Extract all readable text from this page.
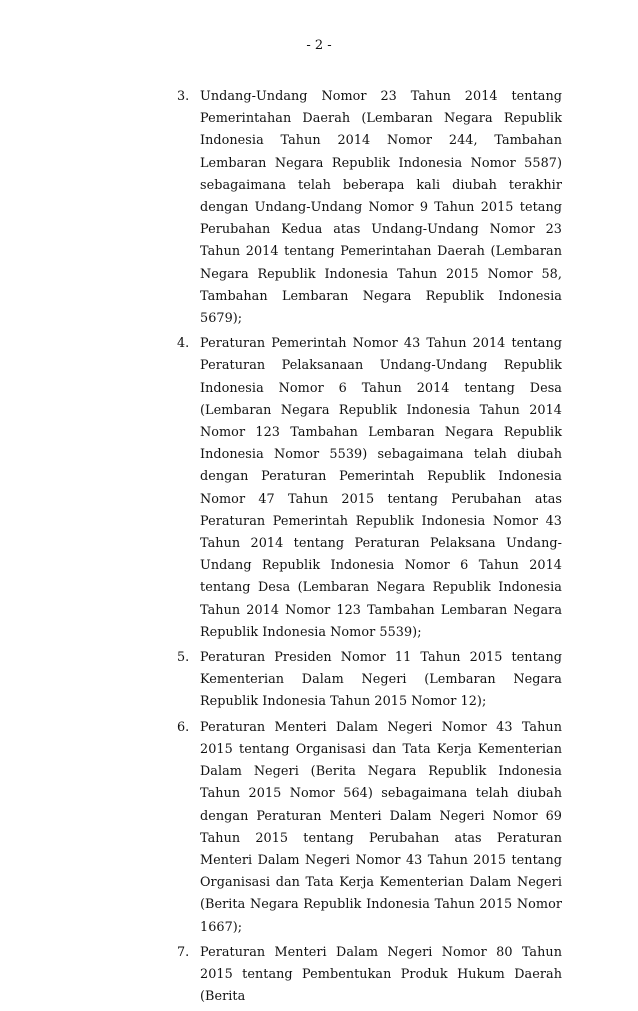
- 2 -
3. Undang-Undang Nomor 23 Tahun 2014 tentang Pemerintahan Daerah (Lembaran Negara Republik Indonesia Tahun 2014 Nomor 244, Tambahan Lembaran Negara Republik Indonesia Nomor 5587) sebagaimana telah beberapa kali diubah terakhir dengan Undang-Undang Nomor 9 Tahun 2015 tetang Perubahan Kedua atas Undang-Undang Nomor 23 Tahun 2014 tentang Pemerintahan Daerah (Lembaran Negara Republik Indonesia Tahun 2015 Nomor 58, Tambahan Lembaran Negara Republik Indonesia 5679);
4. Peraturan Pemerintah Nomor 43 Tahun 2014 tentang Peraturan Pelaksanaan Undang-Undang Republik Indonesia Nomor 6 Tahun 2014 tentang Desa (Lembaran Negara Republik Indonesia Tahun 2014 Nomor 123 Tambahan Lembaran Negara Republik Indonesia Nomor 5539) sebagaimana telah diubah dengan Peraturan Pemerintah Republik Indonesia Nomor 47 Tahun 2015 tentang Perubahan atas Peraturan Pemerintah Republik Indonesia Nomor 43 Tahun 2014 tentang Peraturan Pelaksana Undang-Undang Republik Indonesia Nomor 6 Tahun 2014 tentang Desa (Lembaran Negara Republik Indonesia Tahun 2014 Nomor 123 Tambahan Lembaran Negara Republik Indonesia Nomor 5539);
5. Peraturan Presiden Nomor 11 Tahun 2015 tentang Kementerian Dalam Negeri (Lembaran Negara Republik Indonesia Tahun 2015 Nomor 12);
6. Peraturan Menteri Dalam Negeri Nomor 43 Tahun 2015 tentang Organisasi dan Tata Kerja Kementerian Dalam Negeri (Berita Negara Republik Indonesia Tahun 2015 Nomor 564) sebagaimana telah diubah dengan Peraturan Menteri Dalam Negeri Nomor 69 Tahun 2015 tentang Perubahan atas Peraturan Menteri Dalam Negeri Nomor 43 Tahun 2015 tentang Organisasi dan Tata Kerja Kementerian Dalam Negeri (Berita Negara Republik Indonesia Tahun 2015 Nomor 1667);
7. Peraturan Menteri Dalam Negeri Nomor 80 Tahun 2015 tentang Pembentukan Produk Hukum Daerah (Berita
